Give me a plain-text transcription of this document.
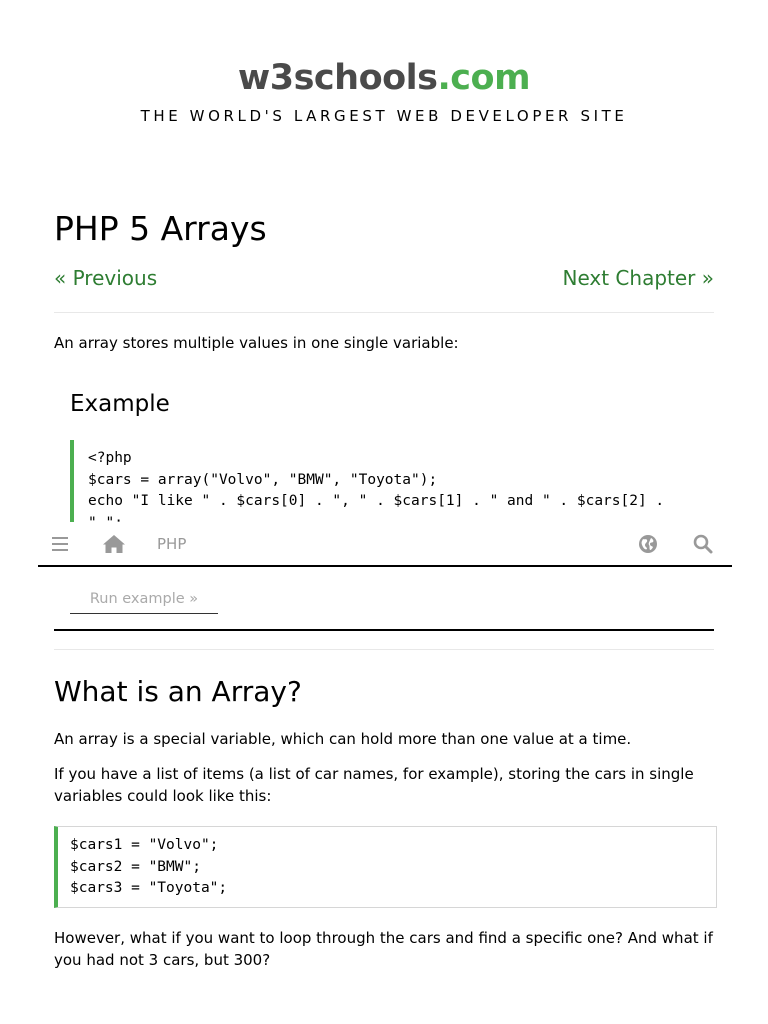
w3schools.com
THE WORLD'S LARGEST WEB DEVELOPER SITE
PHP 5 Arrays
« Previous	Next Chapter »

An array stores multiple values in one single variable:

Example
<?php
$cars = array("Volvo", "BMW", "Toyota");
echo "I like " . $cars[0] . ", " . $cars[1] . " and " . $cars[2] .

PHP
Run example »
What is an Array?

An array is a special variable, which can hold more than one value at a time.

If you have a list of items (a list of car names, for example), storing the cars in single variables could look like this:

$cars1 = "Volvo";
$cars2 = "BMW";
$cars3 = "Toyota";

However, what if you want to loop through the cars and find a specific one? And what if you had not 3 cars, but 300?
